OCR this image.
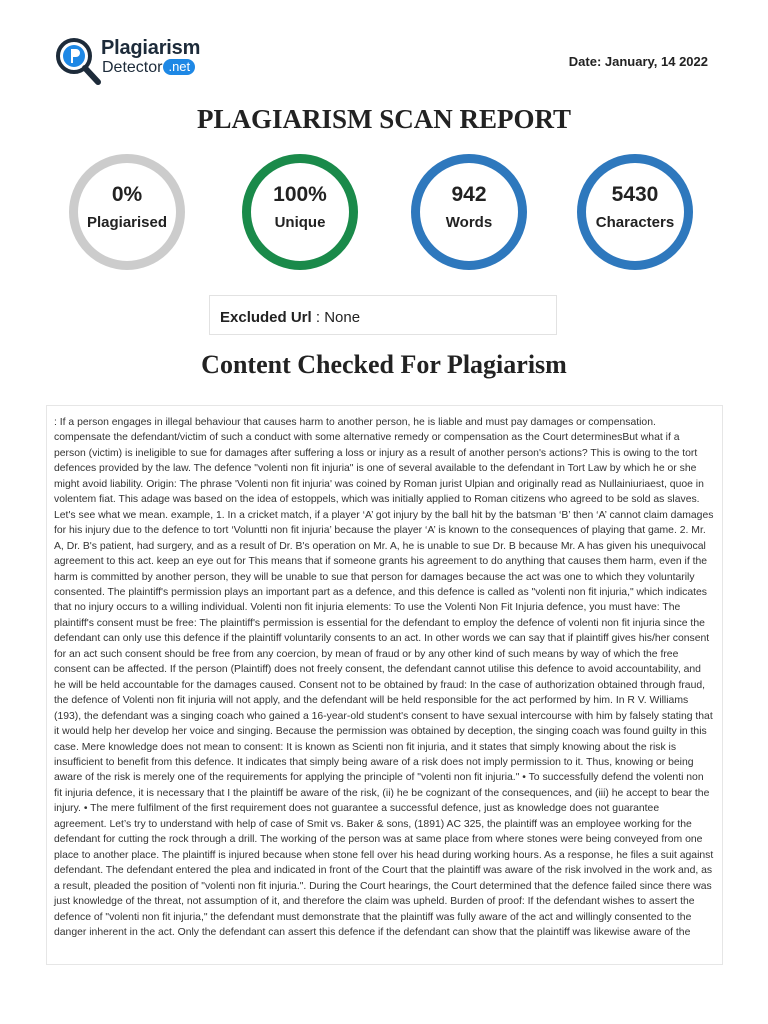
Plagiarism
Detector .net	Date: January, 14 2022
PLAGIARISM SCAN REPORT
0%
Plagiarised
100%
Unique
942
Words
5430
Characters
Excluded Url : None
Content Checked For Plagiarism
: If a person engages in illegal behaviour that causes harm to another person, he is liable and must pay damages or compensation. compensate the defendant/victim of such a conduct with some alternative remedy or compensation as the Court determinesBut what if a person (victim) is ineligible to sue for damages after suffering a loss or injury as a result of another person's actions? This is owing to the tort defences provided by the law. The defence "volenti non fit injuria" is one of several available to the defendant in Tort Law by which he or she might avoid liability. Origin: The phrase 'Volenti non fit injuria' was coined by Roman jurist Ulpian and originally read as Nullainiuriaest, quoe in volentem fiat. This adage was based on the idea of estoppels, which was initially applied to Roman citizens who agreed to be sold as slaves. Let's see what we mean. example, 1. In a cricket match, if a player ‘A’ got injury by the ball hit by the batsman ‘B’ then ‘A’ cannot claim damages for his injury due to the defence to tort ‘Voluntti non fit injuria’ because the player ‘A’ is known to the consequences of playing that game. 2. Mr. A, Dr. B's patient, had surgery, and as a result of Dr. B's operation on Mr. A, he is unable to sue Dr. B because Mr. A has given his unequivocal agreement to this act. keep an eye out for This means that if someone grants his agreement to do anything that causes them harm, even if the harm is committed by another person, they will be unable to sue that person for damages because the act was one to which they voluntarily consented. The plaintiff's permission plays an important part as a defence, and this defence is called as "volenti non fit injuria," which indicates that no injury occurs to a willing individual. Volenti non fit injuria elements: To use the Volenti Non Fit Injuria defence, you must have: The plaintiff's consent must be free: The plaintiff's permission is essential for the defendant to employ the defence of volenti non fit injuria since the defendant can only use this defence if the plaintiff voluntarily consents to an act. In other words we can say that if plaintiff gives his/her consent for an act such consent should be free from any coercion, by mean of fraud or by any other kind of such means by way of which the free consent can be affected. If the person (Plaintiff) does not freely consent, the defendant cannot utilise this defence to avoid accountability, and he will be held accountable for the damages caused. Consent not to be obtained by fraud: In the case of authorization obtained through fraud, the defence of Volenti non fit injuria will not apply, and the defendant will be held responsible for the act performed by him. In R V. Williams (193), the defendant was a singing coach who gained a 16-year-old student's consent to have sexual intercourse with him by falsely stating that it would help her develop her voice and singing. Because the permission was obtained by deception, the singing coach was found guilty in this case. Mere knowledge does not mean to consent: It is known as Scienti non fit injuria, and it states that simply knowing about the risk is insufficient to benefit from this defence. It indicates that simply being aware of a risk does not imply permission to it. Thus, knowing or being aware of the risk is merely one of the requirements for applying the principle of "volenti non fit injuria." • To successfully defend the volenti non fit injuria defence, it is necessary that I the plaintiff be aware of the risk, (ii) he be cognizant of the consequences, and (iii) he accept to bear the injury. • The mere fulfilment of the first requirement does not guarantee a successful defence, just as knowledge does not guarantee agreement. Let’s try to understand with help of case of Smit vs. Baker & sons, (1891) AC 325, the plaintiff was an employee working for the defendant for cutting the rock through a drill. The working of the person was at same place from where stones were being conveyed from one place to another place. The plaintiff is injured because when stone fell over his head during working hours. As a response, he files a suit against defendant. The defendant entered the plea and indicated in front of the Court that the plaintiff was aware of the risk involved in the work and, as a result, pleaded the position of "volenti non fit injuria.". During the Court hearings, the Court determined that the defence failed since there was just knowledge of the threat, not assumption of it, and therefore the claim was upheld. Burden of proof: If the defendant wishes to assert the defence of "volenti non fit injuria," the defendant must demonstrate that the plaintiff was fully aware of the act and willingly consented to the danger inherent in the act. Only the defendant can assert this defence if the defendant can show that the plaintiff was likewise aware of the
